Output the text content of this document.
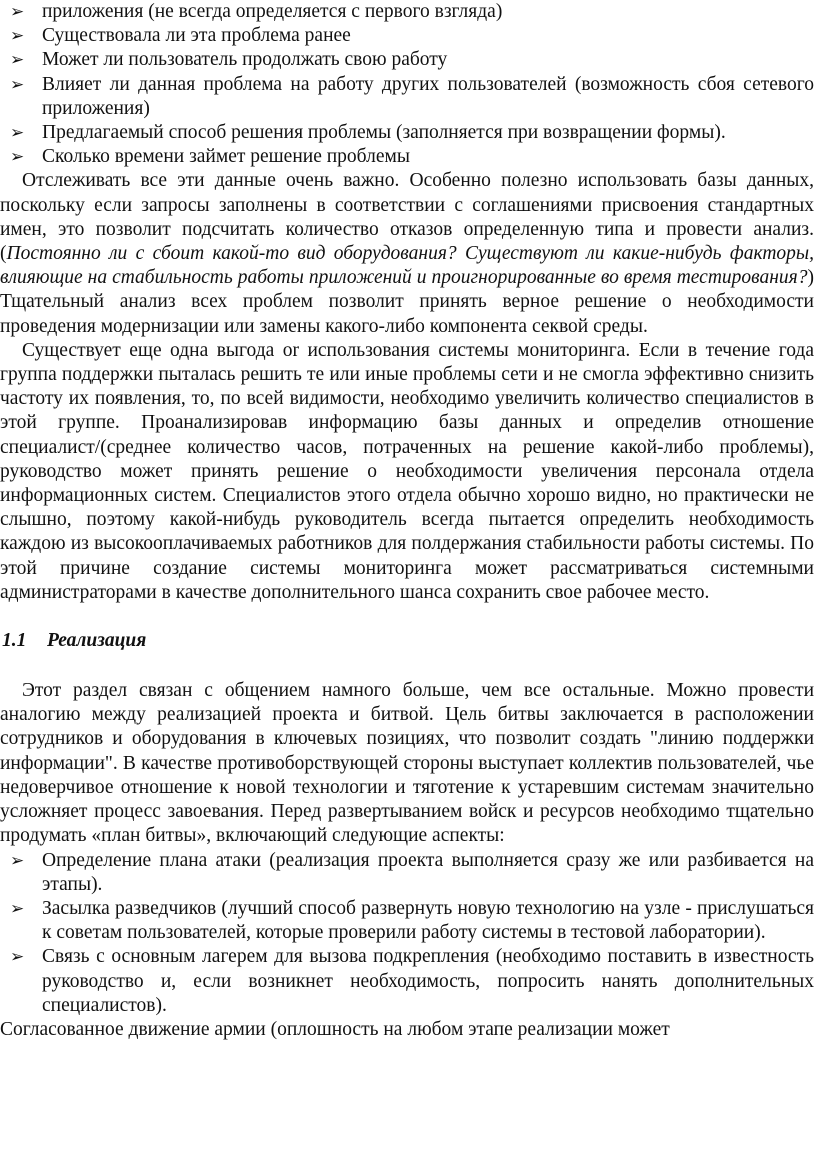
➢ приложения (не всегда определяется с первого взгляда)
➢ Существовала ли эта проблема ранее
➢ Может ли пользователь продолжать свою работу
➢ Влияет ли данная проблема на работу других пользователей (возможность сбоя сетевого приложения)
➢ Предлагаемый способ решения проблемы (заполняется при возвращении формы).
➢ Сколько времени займет решение проблемы

Отслеживать все эти данные очень важно. Особенно полезно использовать базы данных, поскольку если запросы заполнены в соответствии с соглашениями присвоения стандартных имен, это позволит подсчитать количество отказов определенную типа и провести анализ. (Постоянно ли с сбоит какой-то вид оборудования? Существуют ли какие-нибудь факторы, влияющие на стабильность работы приложений и проигнорированные во время тестирования?) Тщательный анализ всех проблем позволит принять верное решение о необходимости проведения модернизации или замены какого-либо компонента секвой среды.

Существует еще одна выгода or использования системы мониторинга. Если в течение года группа поддержки пыталась решить те или иные проблемы сети и не смогла эффективно снизить частоту их появления, то, по всей видимости, необходимо увеличить количество специалистов в этой группе. Проанализировав информацию базы данных и определив отношение специалист/(среднее количество часов, потраченных на решение какой-либо проблемы), руководство может принять решение о необходимости увеличения персонала отдела информационных систем. Специалистов этого отдела обычно хорошо видно, но практически не слышно, поэтому какой-нибудь руководитель всегда пытается определить необходимость каждою из высокооплачиваемых работников для полдержания стабильности работы системы. По этой причине создание системы мониторинга может рассматриваться системными администраторами в качестве дополнительного шанса сохранить свое рабочее место.

1.1 Реализация

Этот раздел связан с общением намного больше, чем все остальные. Можно провести аналогию между реализацией проекта и битвой. Цель битвы заключается в расположении сотрудников и оборудования в ключевых позициях, что позволит создать "линию поддержки информации". В качестве противоборствующей стороны выступает коллектив пользователей, чье недоверчивое отношение к новой технологии и тяготение к устаревшим системам значительно усложняет процесс завоевания. Перед развертыванием войск и ресурсов необходимо тщательно продумать «план битвы», включающий следующие аспекты:

➢ Определение плана атаки (реализация проекта выполняется сразу же или разбивается на этапы).
➢ Засылка разведчиков (лучший способ развернуть новую технологию на узле - прислушаться к советам пользователей, которые проверили работу системы в тестовой лаборатории).
➢ Связь с основным лагерем для вызова подкрепления (необходимо поставить в известность руководство и, если возникнет необходимость, попросить нанять дополнительных специалистов).

Согласованное движение армии (оплошность на любом этапе реализации может
